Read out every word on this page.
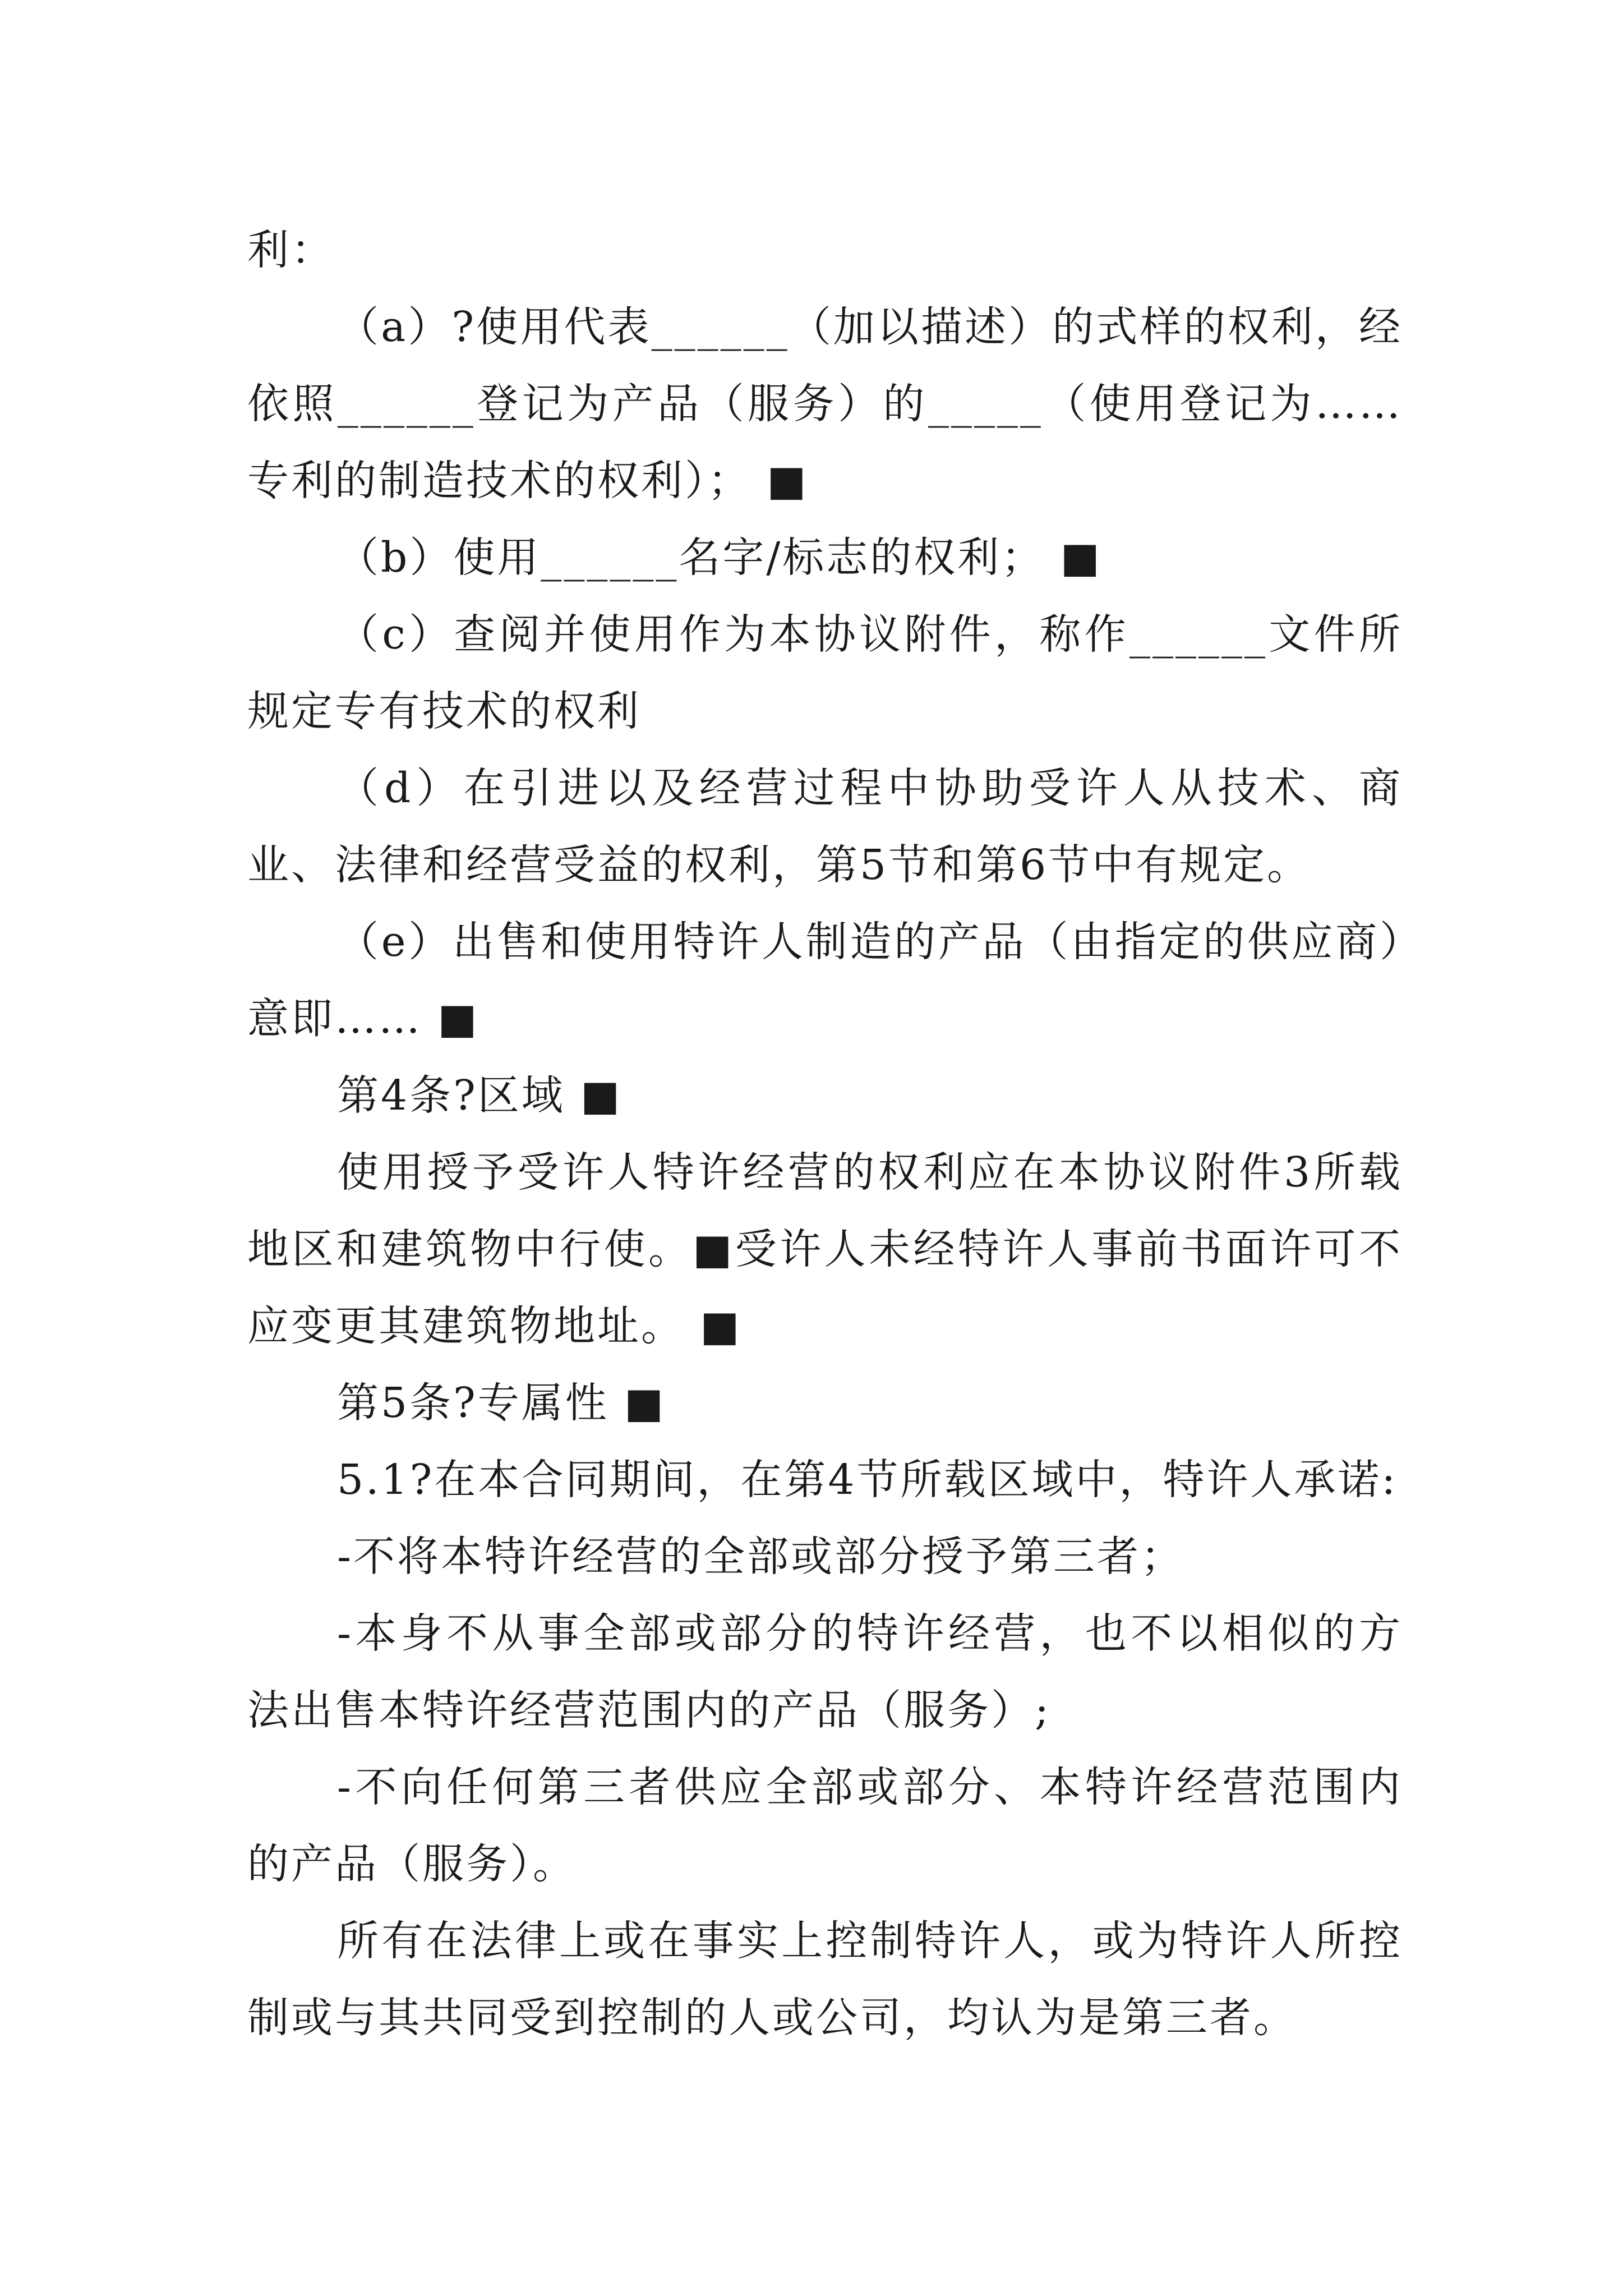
利：

（a）?使用代表______（加以描述）的式样的权利，经依照______登记为产品（服务）的_____（使用登记为……专利的制造技术的权利）； ■

（b）使用______名字/标志的权利； ■

（c）查阅并使用作为本协议附件，称作______文件所规定专有技术的权利

（d）在引进以及经营过程中协助受许人从技术、商业、法律和经营受益的权利，第5节和第6节中有规定。

（e）出售和使用特许人制造的产品（由指定的供应商）意即…… ■

第4条?区域 ■

使用授予受许人特许经营的权利应在本协议附件3所载地区和建筑物中行使。■受许人未经特许人事前书面许可不应变更其建筑物地址。 ■

第5条?专属性 ■

5.1?在本合同期间，在第4节所载区域中，特许人承诺:

-不将本特许经营的全部或部分授予第三者；

-本身不从事全部或部分的特许经营，也不以相似的方法出售本特许经营范围内的产品（服务）;

-不向任何第三者供应全部或部分、本特许经营范围内的产品（服务）。

所有在法律上或在事实上控制特许人，或为特许人所控制或与其共同受到控制的人或公司，均认为是第三者。
